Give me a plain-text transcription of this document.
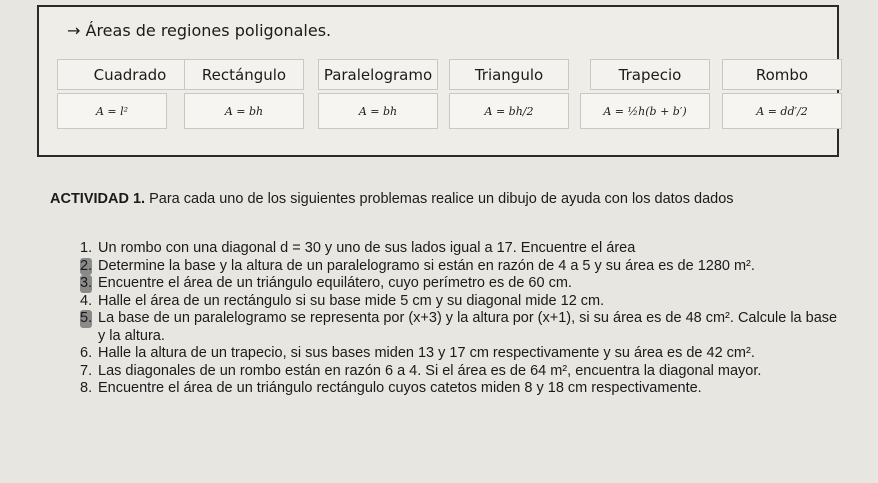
→ Áreas de regiones poligonales.
Cuadrado	Rectángulo	Paralelogramo	Triangulo	Trapecio	Rombo
A = l²	A = bh	A = bh	A = bh/2	A = ½h(b + b′)	A = dd′/2
ACTIVIDAD 1. Para cada uno de los siguientes problemas realice un dibujo de ayuda con los datos dados
1. Un rombo con una diagonal d = 30 y uno de sus lados igual a 17. Encuentre el área
2. Determine la base y la altura de un paralelogramo si están en razón de 4 a 5 y su área es de 1280 m².
3. Encuentre el área de un triángulo equilátero, cuyo perímetro es de 60 cm.
4. Halle el área de un rectángulo si su base mide 5 cm y su diagonal mide 12 cm.
5. La base de un paralelogramo se representa por (x+3) y la altura por (x+1), si su área es de 48 cm². Calcule la base y la altura.
6. Halle la altura de un trapecio, si sus bases miden 13 y 17 cm respectivamente y su área es de 42 cm².
7. Las diagonales de un rombo están en razón 6 a 4. Si el área es de 64 m², encuentra la diagonal mayor.
8. Encuentre el área de un triángulo rectángulo cuyos catetos miden 8 y 18 cm respectivamente.
